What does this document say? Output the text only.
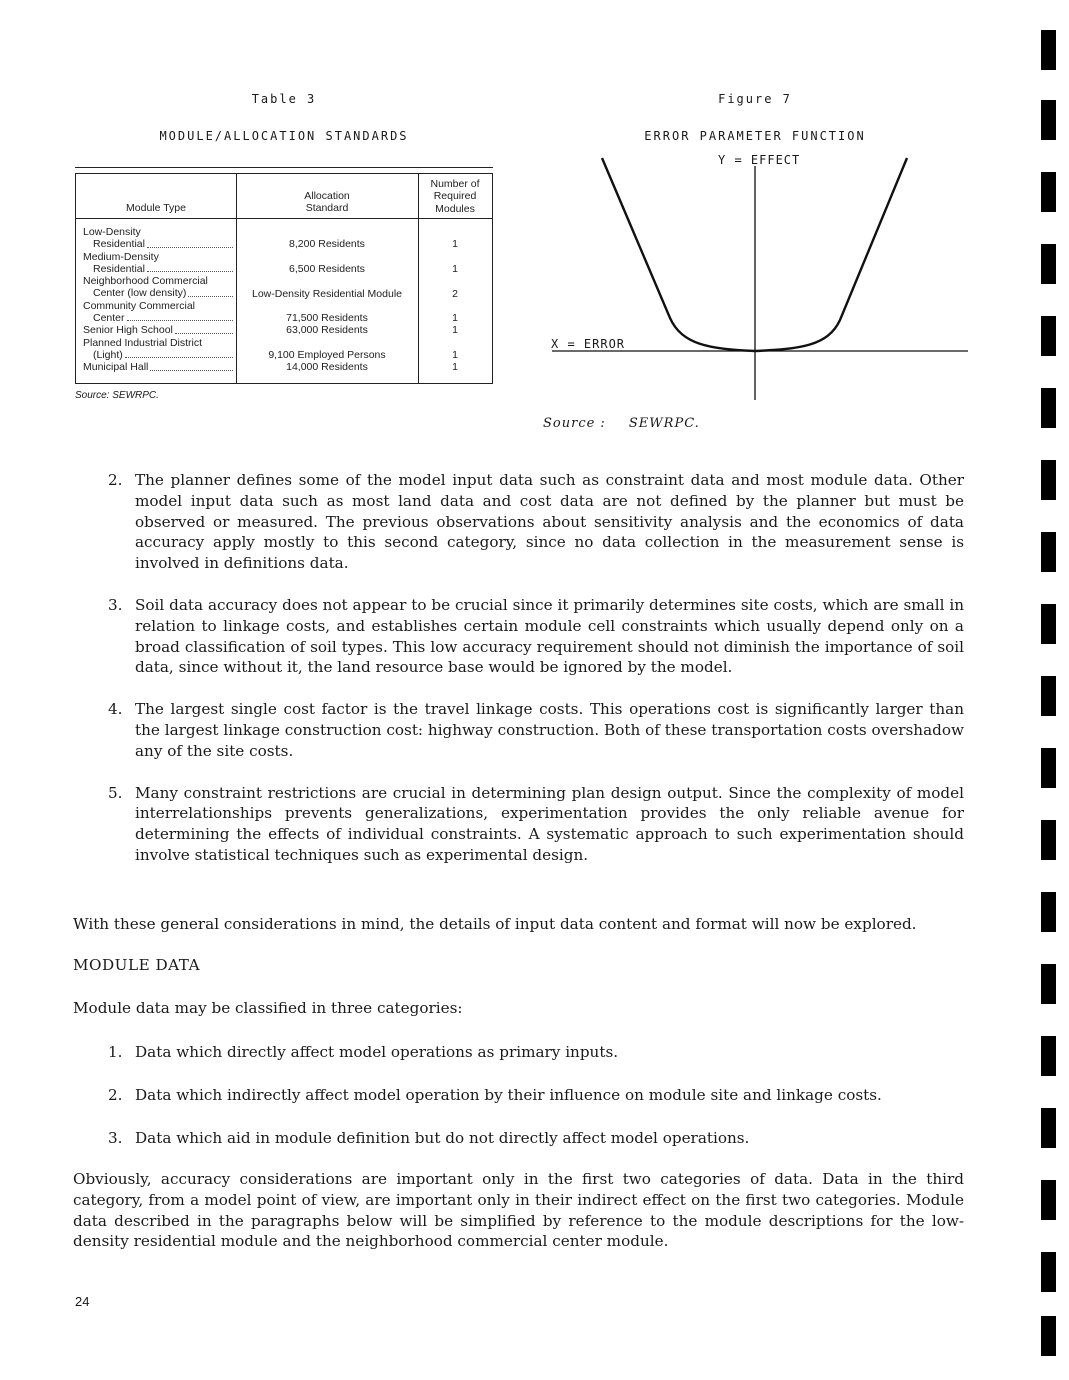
Table 3
MODULE/ALLOCATION STANDARDS
Module Type
Allocation
Standard
Number of
Required
Modules
Low-Density
Residential
Medium-Density
Residential
Neighborhood Commercial
Center (low density)
Community Commercial
Center
Senior High School
Planned Industrial District
(Light)
Municipal Hall
8,200 Residents
6,500 Residents
Low-Density Residential Module
71,500 Residents
63,000 Residents
9,100 Employed Persons
14,000 Residents
1
1
2
1
1
1
1
Source: SEWRPC.
Figure 7
ERROR PARAMETER FUNCTION
Y = EFFECT
X = ERROR
Source : SEWRPC.
2. The planner defines some of the model input data such as constraint data and most module data. Other model input data such as most land data and cost data are not defined by the planner but must be observed or measured. The previous observations about sensitivity analysis and the economics of data accuracy apply mostly to this second category, since no data collection in the measurement sense is involved in definitions data.
3. Soil data accuracy does not appear to be crucial since it primarily determines site costs, which are small in relation to linkage costs, and establishes certain module cell constraints which usually depend only on a broad classification of soil types. This low accuracy requirement should not diminish the importance of soil data, since without it, the land resource base would be ignored by the model.
4. The largest single cost factor is the travel linkage costs. This operations cost is significantly larger than the largest linkage construction cost: highway construction. Both of these transportation costs overshadow any of the site costs.
5. Many constraint restrictions are crucial in determining plan design output. Since the complexity of model interrelationships prevents generalizations, experimentation provides the only reliable avenue for determining the effects of individual constraints. A systematic approach to such experimentation should involve statistical techniques such as experimental design.
With these general considerations in mind, the details of input data content and format will now be explored.
MODULE DATA
Module data may be classified in three categories:
1. Data which directly affect model operations as primary inputs.
2. Data which indirectly affect model operation by their influence on module site and linkage costs.
3. Data which aid in module definition but do not directly affect model operations.
Obviously, accuracy considerations are important only in the first two categories of data. Data in the third category, from a model point of view, are important only in their indirect effect on the first two categories. Module data described in the paragraphs below will be simplified by reference to the module descriptions for the low-density residential module and the neighborhood commercial center module.
24
